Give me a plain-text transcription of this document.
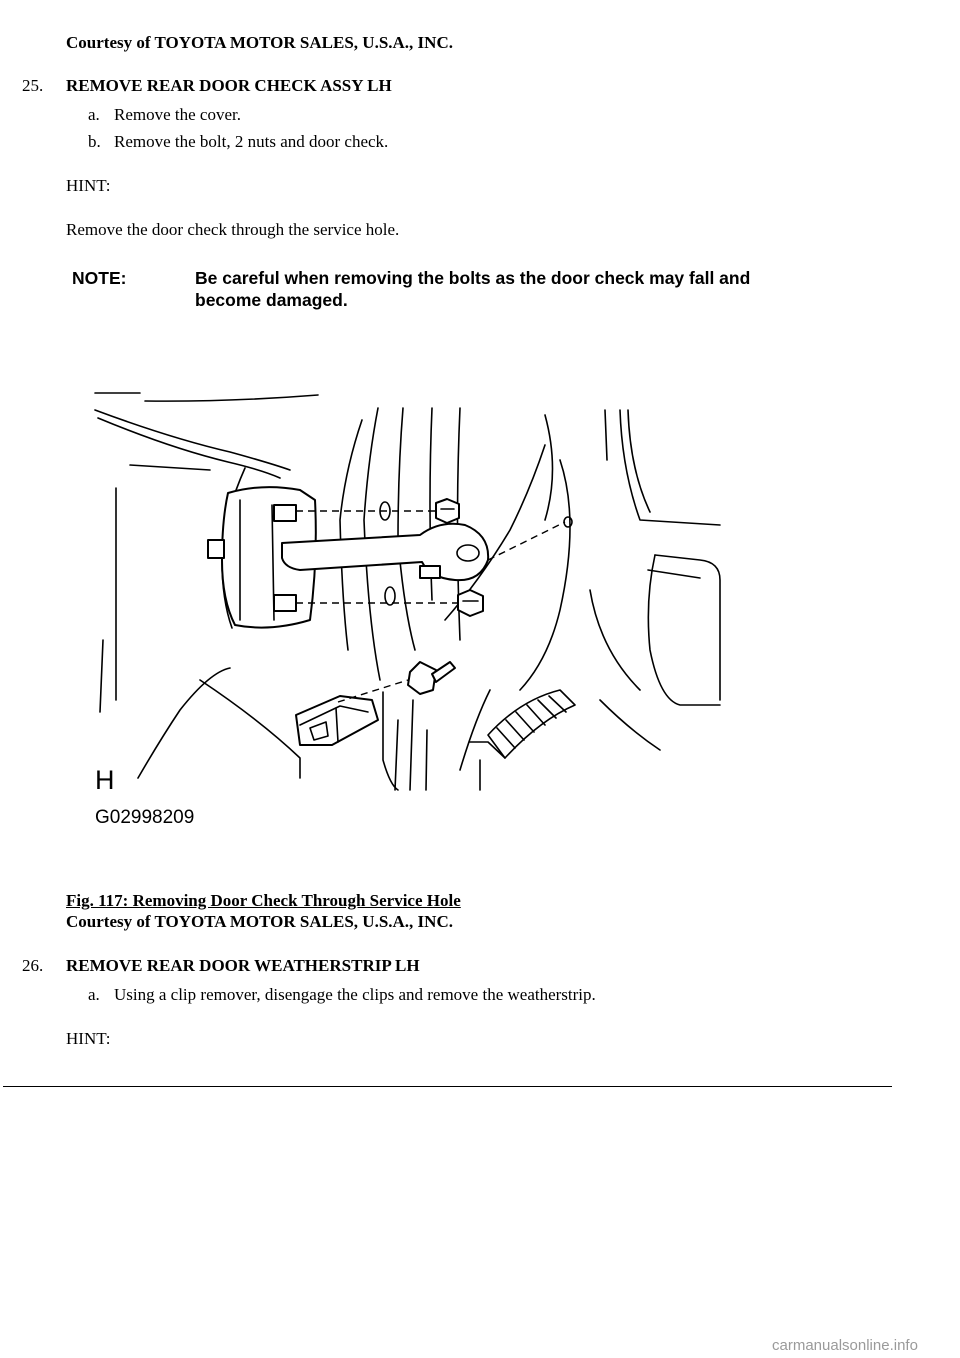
Courtesy of TOYOTA MOTOR SALES, U.S.A., INC.
25. REMOVE REAR DOOR CHECK ASSY LH
a. Remove the cover.
b. Remove the bolt, 2 nuts and door check.
HINT:
Remove the door check through the service hole.
NOTE:	Be careful when removing the bolts as the door check may fall and
become damaged.
H
G02998209
Fig. 117: Removing Door Check Through Service Hole
Courtesy of TOYOTA MOTOR SALES, U.S.A., INC.
26. REMOVE REAR DOOR WEATHERSTRIP LH
a. Using a clip remover, disengage the clips and remove the weatherstrip.
HINT:
carmanualsonline.info
